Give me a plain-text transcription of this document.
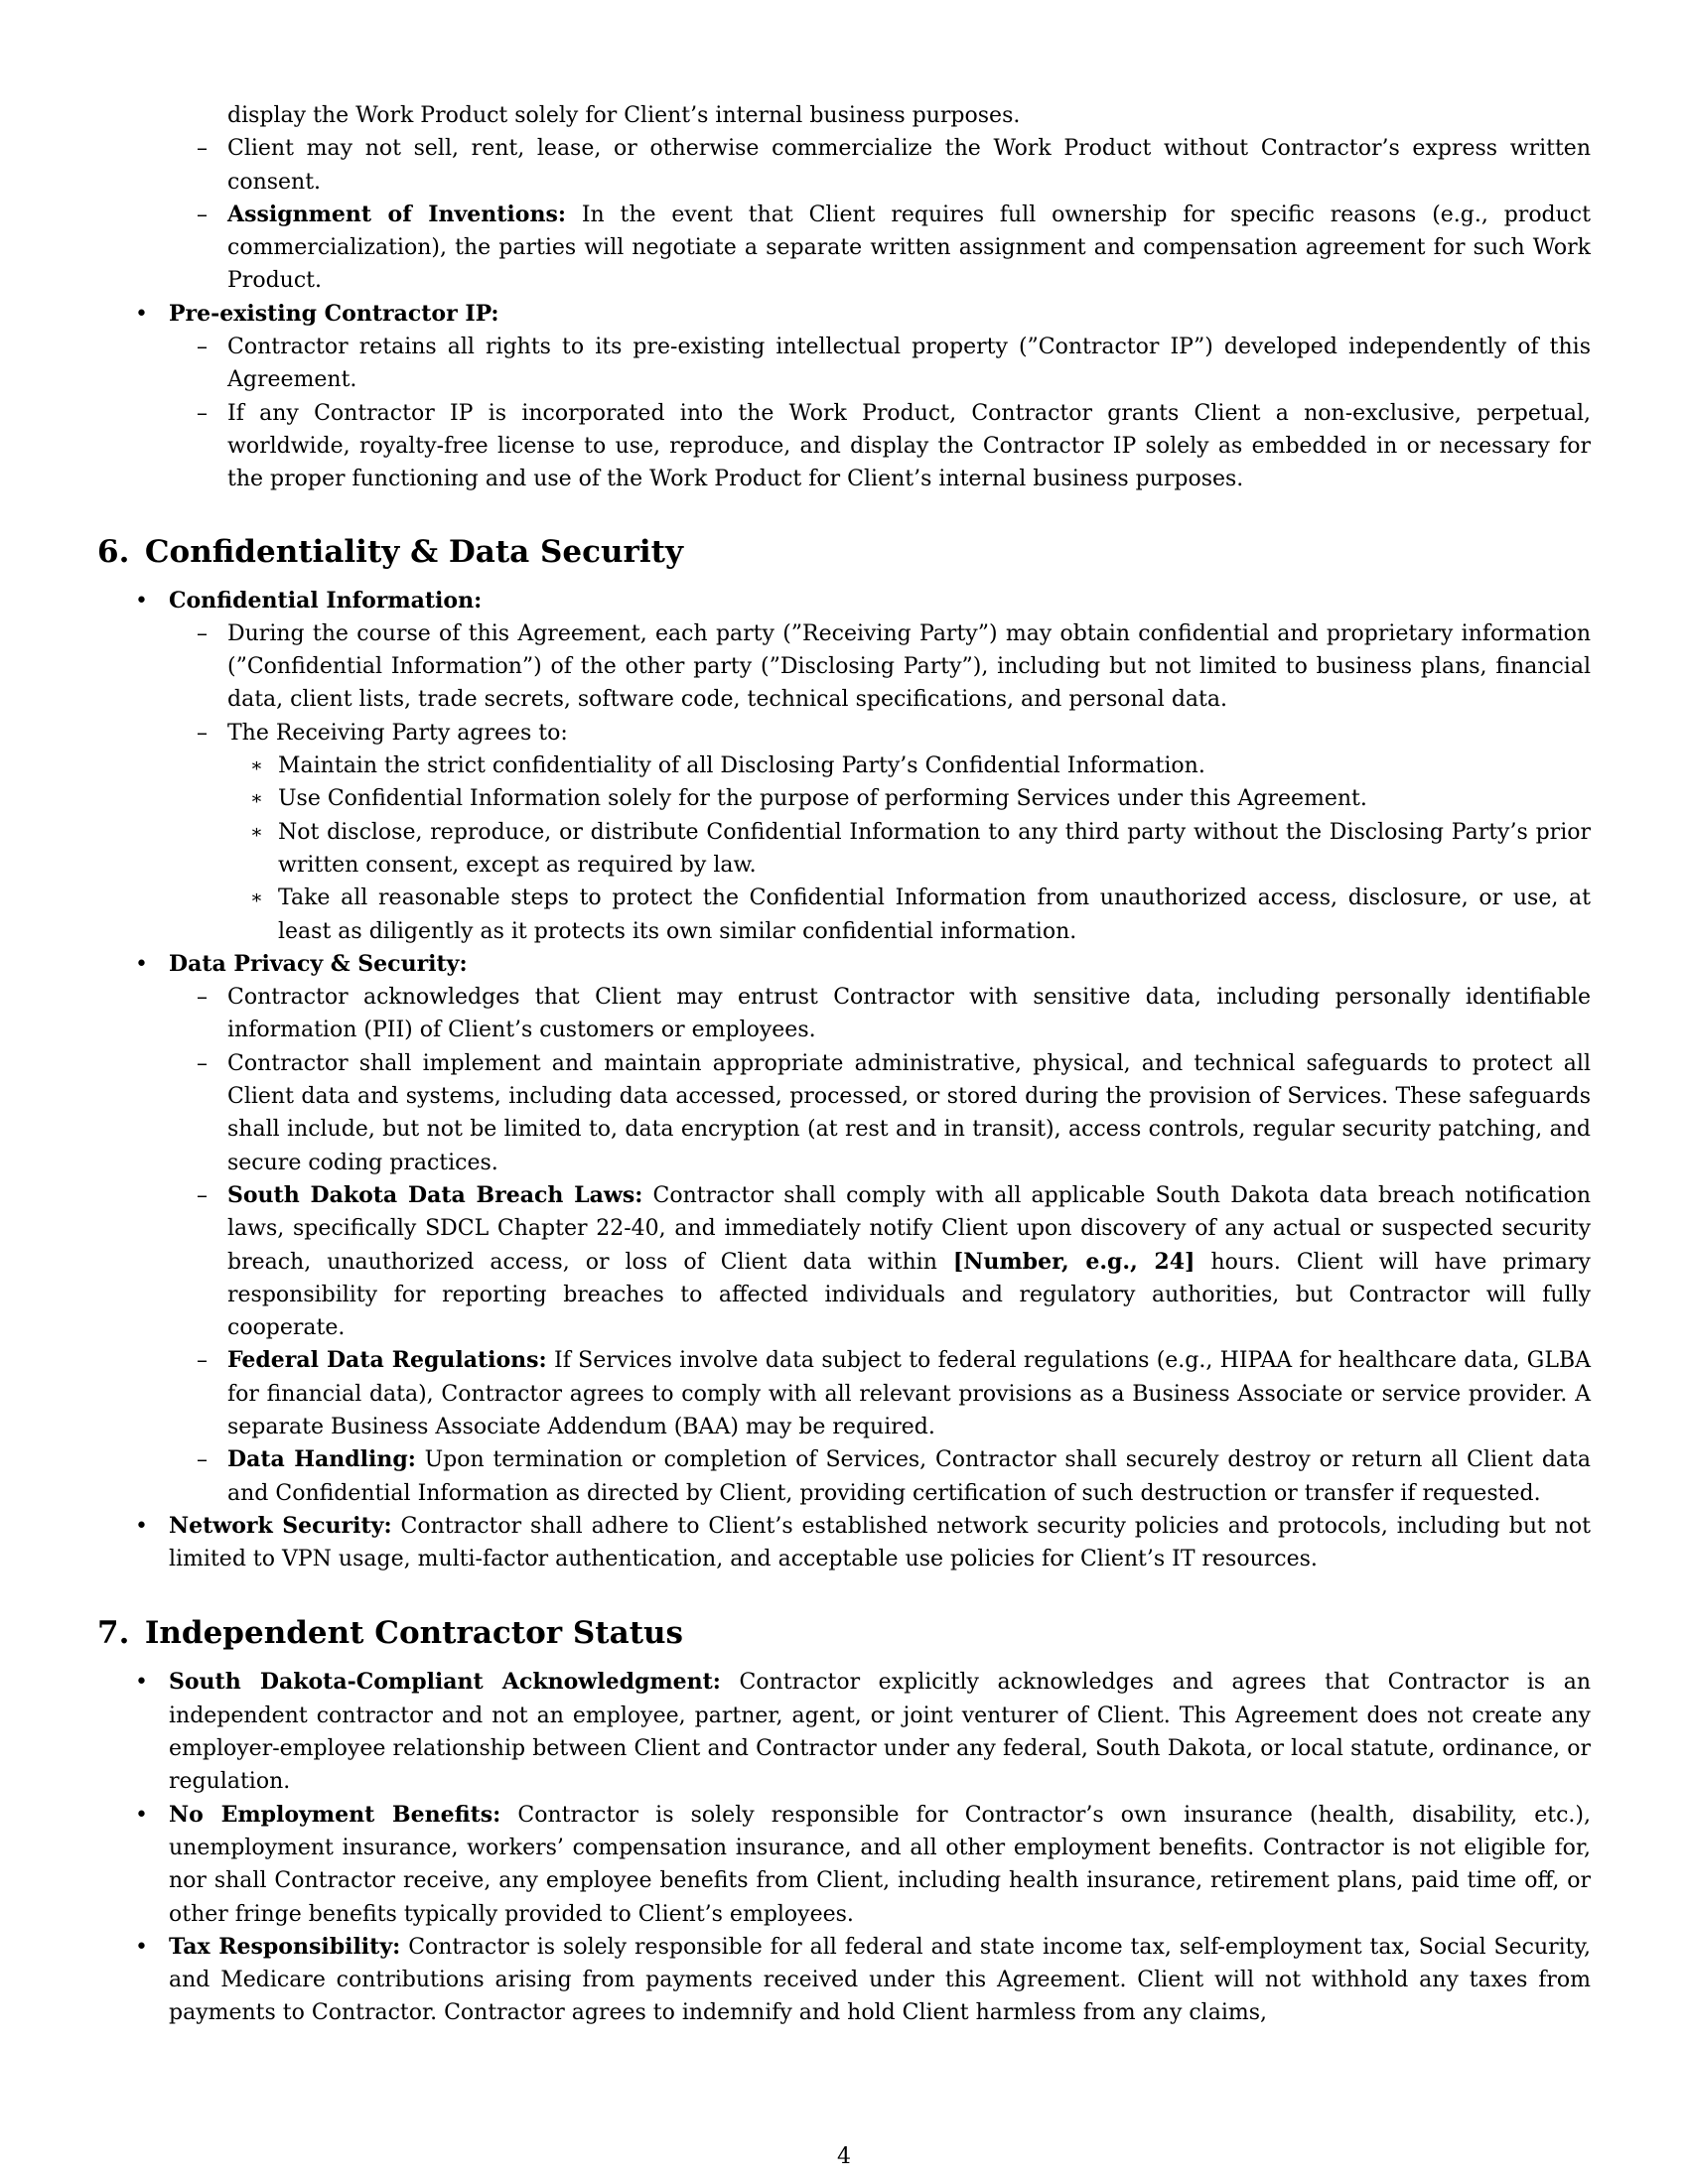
display the Work Product solely for Client’s internal business purposes.
– Client may not sell, rent, lease, or otherwise commercialize the Work Product without Contractor’s express written consent.
– Assignment of Inventions: In the event that Client requires full ownership for specific reasons (e.g., product commercialization), the parties will negotiate a separate written assignment and compensation agreement for such Work Product.
• Pre-existing Contractor IP:
– Contractor retains all rights to its pre-existing intellectual property (”Contractor IP”) developed independently of this Agreement.
– If any Contractor IP is incorporated into the Work Product, Contractor grants Client a non-exclusive, perpetual, worldwide, royalty-free license to use, reproduce, and display the Contractor IP solely as embedded in or necessary for the proper functioning and use of the Work Product for Client’s internal business purposes.
6. Confidentiality & Data Security
• Confidential Information:
– During the course of this Agreement, each party (”Receiving Party”) may obtain confidential and proprietary information (”Confidential Information”) of the other party (”Disclosing Party”), including but not limited to business plans, financial data, client lists, trade secrets, software code, technical specifications, and personal data.
– The Receiving Party agrees to:
∗ Maintain the strict confidentiality of all Disclosing Party’s Confidential Information.
∗ Use Confidential Information solely for the purpose of performing Services under this Agreement.
∗ Not disclose, reproduce, or distribute Confidential Information to any third party without the Disclosing Party’s prior written consent, except as required by law.
∗ Take all reasonable steps to protect the Confidential Information from unauthorized access, disclosure, or use, at least as diligently as it protects its own similar confidential information.
• Data Privacy & Security:
– Contractor acknowledges that Client may entrust Contractor with sensitive data, including personally identifiable information (PII) of Client’s customers or employees.
– Contractor shall implement and maintain appropriate administrative, physical, and technical safeguards to protect all Client data and systems, including data accessed, processed, or stored during the provision of Services. These safeguards shall include, but not be limited to, data encryption (at rest and in transit), access controls, regular security patching, and secure coding practices.
– South Dakota Data Breach Laws: Contractor shall comply with all applicable South Dakota data breach notification laws, specifically SDCL Chapter 22-40, and immediately notify Client upon discovery of any actual or suspected security breach, unauthorized access, or loss of Client data within [Number, e.g., 24] hours. Client will have primary responsibility for reporting breaches to affected individuals and regulatory authorities, but Contractor will fully cooperate.
– Federal Data Regulations: If Services involve data subject to federal regulations (e.g., HIPAA for healthcare data, GLBA for financial data), Contractor agrees to comply with all relevant provisions as a Business Associate or service provider. A separate Business Associate Addendum (BAA) may be required.
– Data Handling: Upon termination or completion of Services, Contractor shall securely destroy or return all Client data and Confidential Information as directed by Client, providing certification of such destruction or transfer if requested.
• Network Security: Contractor shall adhere to Client’s established network security policies and protocols, including but not limited to VPN usage, multi-factor authentication, and acceptable use policies for Client’s IT resources.
7. Independent Contractor Status
• South Dakota-Compliant Acknowledgment: Contractor explicitly acknowledges and agrees that Contractor is an independent contractor and not an employee, partner, agent, or joint venturer of Client. This Agreement does not create any employer-employee relationship between Client and Contractor under any federal, South Dakota, or local statute, ordinance, or regulation.
• No Employment Benefits: Contractor is solely responsible for Contractor’s own insurance (health, disability, etc.), unemployment insurance, workers’ compensation insurance, and all other employment benefits. Contractor is not eligible for, nor shall Contractor receive, any employee benefits from Client, including health insurance, retirement plans, paid time off, or other fringe benefits typically provided to Client’s employees.
• Tax Responsibility: Contractor is solely responsible for all federal and state income tax, self-employment tax, Social Security, and Medicare contributions arising from payments received under this Agreement. Client will not withhold any taxes from payments to Contractor. Contractor agrees to indemnify and hold Client harmless from any claims,
4
